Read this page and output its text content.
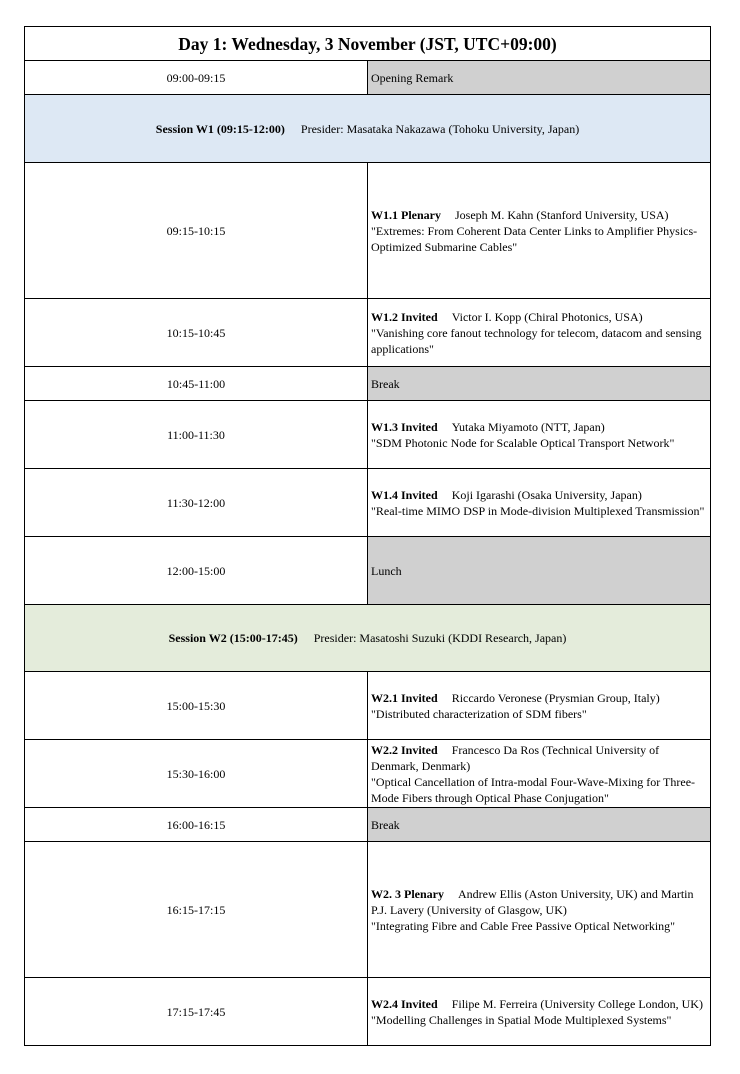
Day 1: Wednesday, 3 November (JST, UTC+09:00)	
09:00-09:15	Opening Remark
Session W1 (09:15-12:00) Presider: Masataka Nakazawa (Tohoku University, Japan)	
09:15-10:15	W1.1 Plenary Joseph M. Kahn (Stanford University, USA)
"Extremes: From Coherent Data Center Links to Amplifier Physics-Optimized Submarine Cables"
10:15-10:45	W1.2 Invited Victor I. Kopp (Chiral Photonics, USA)
"Vanishing core fanout technology for telecom, datacom and sensing applications"
10:45-11:00	Break
11:00-11:30	W1.3 Invited Yutaka Miyamoto (NTT, Japan)
"SDM Photonic Node for Scalable Optical Transport Network"
11:30-12:00	W1.4 Invited Koji Igarashi (Osaka University, Japan)
"Real-time MIMO DSP in Mode-division Multiplexed Transmission"
12:00-15:00	Lunch
Session W2 (15:00-17:45) Presider: Masatoshi Suzuki (KDDI Research, Japan)	
15:00-15:30	W2.1 Invited Riccardo Veronese (Prysmian Group, Italy)
"Distributed characterization of SDM fibers"
15:30-16:00	W2.2 Invited Francesco Da Ros (Technical University of Denmark, Denmark)
"Optical Cancellation of Intra-modal Four-Wave-Mixing for Three-Mode Fibers through Optical Phase Conjugation"
16:00-16:15	Break
16:15-17:15	W2. 3 Plenary Andrew Ellis (Aston University, UK) and Martin P.J. Lavery (University of Glasgow, UK)
"Integrating Fibre and Cable Free Passive Optical Networking"
17:15-17:45	W2.4 Invited Filipe M. Ferreira (University College London, UK)
"Modelling Challenges in Spatial Mode Multiplexed Systems"
